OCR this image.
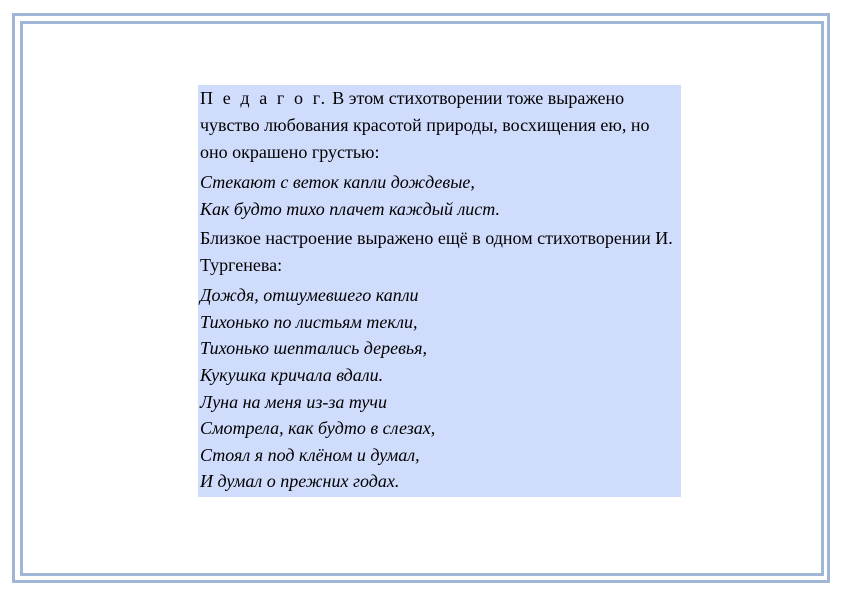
П е д а г о г. В этом стихотворении тоже выражено чувство любования красотой природы, восхищения ею, но оно окрашено грустью:

Стекают с веток капли дождевые,
Как будто тихо плачет каждый лист.

Близкое настроение выражено ещё в одном стихотворении И. Тургенева:

Дождя, отшумевшего капли
Тихонько по листьям текли,
Тихонько шептались деревья,
Кукушка кричала вдали.
Луна на меня из-за тучи
Смотрела, как будто в слезах,
Стоял я под клёном и думал,
И думал о прежних годах.
